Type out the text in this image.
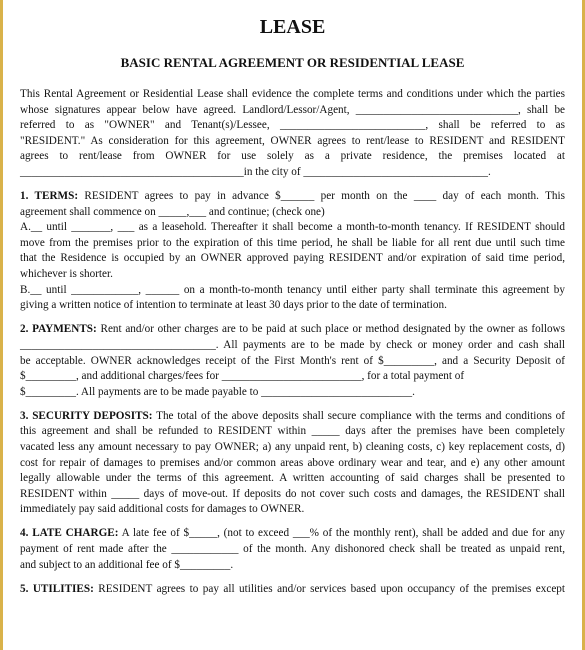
LEASE
BASIC RENTAL AGREEMENT OR RESIDENTIAL LEASE
This Rental Agreement or Residential Lease shall evidence the complete terms and conditions under which the parties
whose signatures appear below have agreed. Landlord/Lessor/Agent, _____________________________, shall be
referred to as "OWNER" and Tenant(s)/Lessee, __________________________, shall be referred to as
"RESIDENT." As consideration for this agreement, OWNER agrees to rent/lease to RESIDENT and RESIDENT
agrees to rent/lease from OWNER for use solely as a private residence, the premises located at
________________________________________in the city of _________________________________.
1. TERMS: RESIDENT agrees to pay in advance $______ per month on the ____ day of each month. This
agreement shall commence on _____,___ and continue; (check one)
A.__ until _______, ___ as a leasehold. Thereafter it shall become a month-to-month tenancy. If RESIDENT should
move from the premises prior to the expiration of this time period, he shall be liable for all rent due until such time
that the Residence is occupied by an OWNER approved paying RESIDENT and/or expiration of said time period,
whichever is shorter.
B.__ until ____________, ______ on a month-to-month tenancy until either party shall terminate this agreement by
giving a written notice of intention to terminate at least 30 days prior to the date of termination.
2. PAYMENTS: Rent and/or other charges are to be paid at such place or method designated by the owner as follows
___________________________________. All payments are to be made by check or money order and cash shall
be acceptable. OWNER acknowledges receipt of the First Month's rent of $_________, and a Security Deposit of
$_________, and additional charges/fees for _________________________, for a total payment of
$_________. All payments are to be made payable to ___________________________.
3. SECURITY DEPOSITS: The total of the above deposits shall secure compliance with the terms and conditions of
this agreement and shall be refunded to RESIDENT within _____ days after the premises have been completely
vacated less any amount necessary to pay OWNER; a) any unpaid rent, b) cleaning costs, c) key replacement costs, d)
cost for repair of damages to premises and/or common areas above ordinary wear and tear, and e) any other amount
legally allowable under the terms of this agreement. A written accounting of said charges shall be presented to
RESIDENT within _____ days of move-out. If deposits do not cover such costs and damages, the RESIDENT shall
immediately pay said additional costs for damages to OWNER.
4. LATE CHARGE: A late fee of $_____, (not to exceed ___% of the monthly rent), shall be added and due for any
payment of rent made after the ____________ of the month. Any dishonored check shall be treated as unpaid rent,
and subject to an additional fee of $_________.
5. UTILITIES: RESIDENT agrees to pay all utilities and/or services based upon occupancy of the premises except
